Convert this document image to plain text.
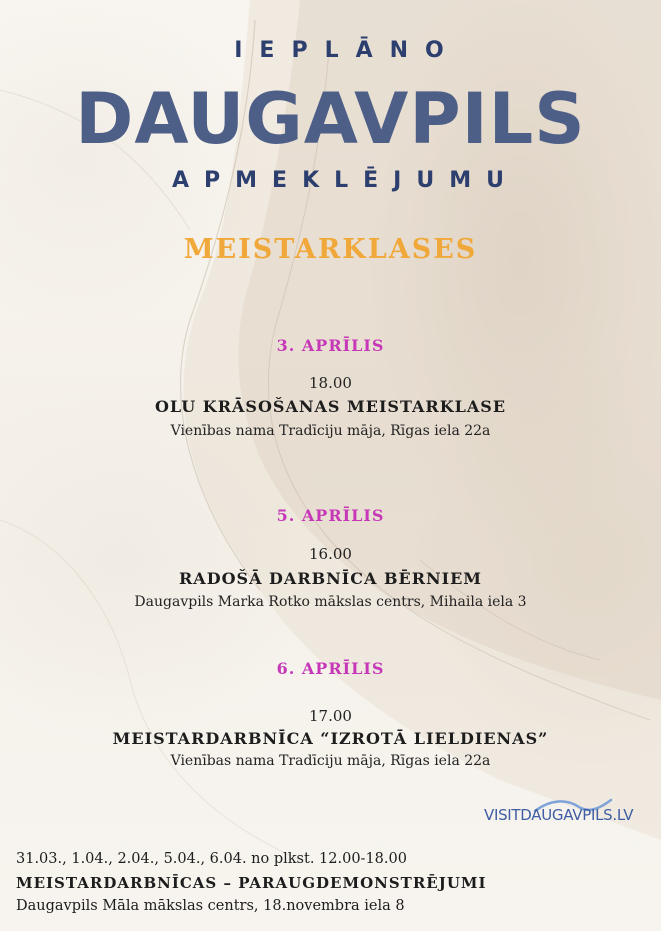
IEPLĀNO
DAUGAVPILS
APMEKLĒJUMU
MEISTARKLASES
3. APRĪLIS
18.00
OLU KRĀSOŠANAS MEISTARKLASE
Vienības nama Tradīciju māja, Rīgas iela 22a
5. APRĪLIS
16.00
RADOŠĀ DARBNĪCA BĒRNIEM
Daugavpils Marka Rotko mākslas centrs, Mihaila iela 3
6. APRĪLIS
17.00
MEISTARDARBNĪCA “IZROTĀ LIELDIENAS”
Vienības nama Tradīciju māja, Rīgas iela 22a
VISITDAUGAVPILS.LV
31.03., 1.04., 2.04., 5.04., 6.04. no plkst. 12.00-18.00
MEISTARDARBNĪCAS – PARAUGDEMONSTRĒJUMI
Daugavpils Māla mākslas centrs, 18.novembra iela 8
